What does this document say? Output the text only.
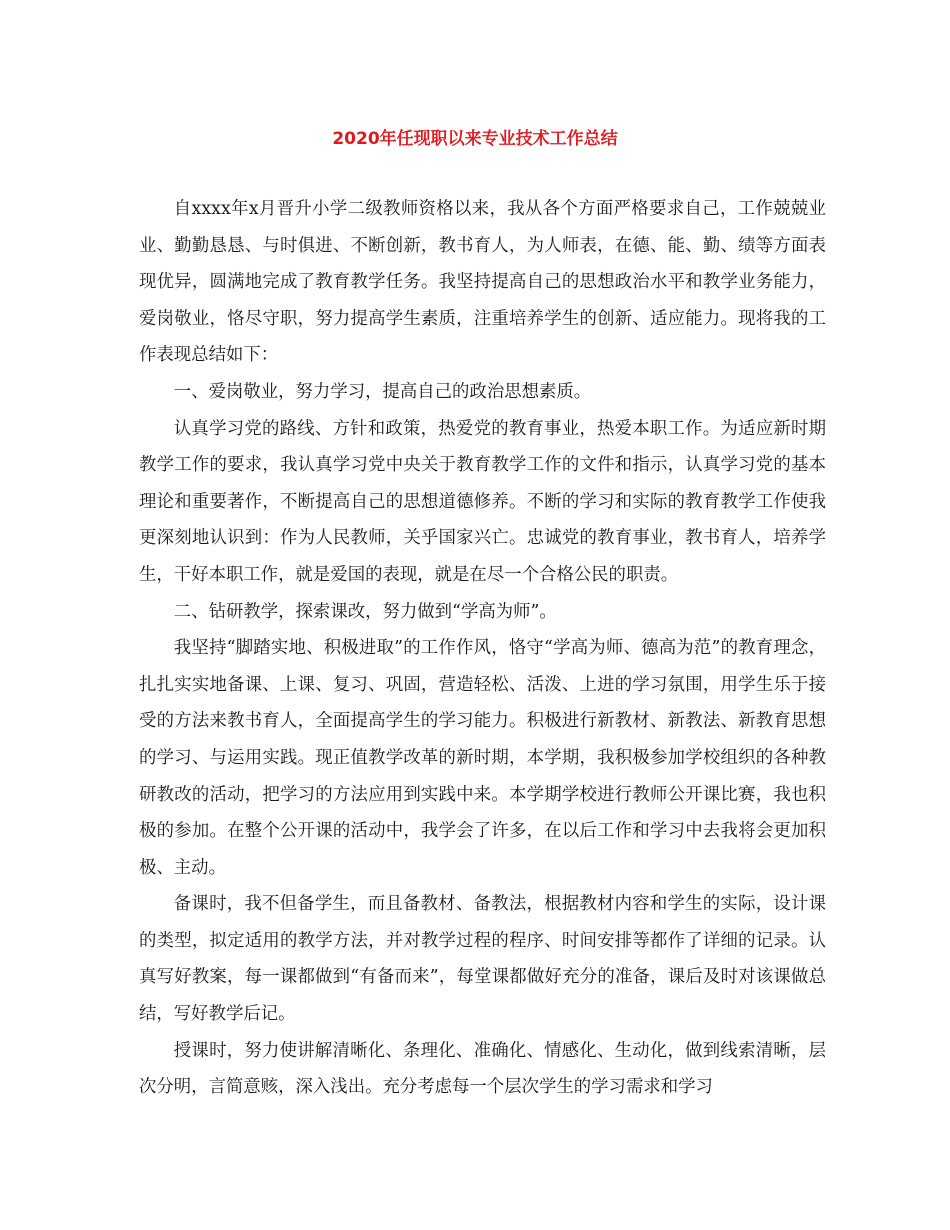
2020年任现职以来专业技术工作总结

自xxxx年x月晋升小学二级教师资格以来，我从各个方面严格要求自己，工作兢兢业业、勤勤恳恳、与时俱进、不断创新，教书育人，为人师表，在德、能、勤、绩等方面表现优异，圆满地完成了教育教学任务。我坚持提高自己的思想政治水平和教学业务能力，爱岗敬业，恪尽守职，努力提高学生素质，注重培养学生的创新、适应能力。现将我的工作表现总结如下：

一、爱岗敬业，努力学习，提高自己的政治思想素质。

认真学习党的路线、方针和政策，热爱党的教育事业，热爱本职工作。为适应新时期教学工作的要求，我认真学习党中央关于教育教学工作的文件和指示，认真学习党的基本理论和重要著作，不断提高自己的思想道德修养。不断的学习和实际的教育教学工作使我更深刻地认识到：作为人民教师，关乎国家兴亡。忠诚党的教育事业，教书育人，培养学生，干好本职工作，就是爱国的表现，就是在尽一个合格公民的职责。

二、钻研教学，探索课改，努力做到“学高为师”。

我坚持“脚踏实地、积极进取”的工作作风，恪守“学高为师、德高为范”的教育理念，扎扎实实地备课、上课、复习、巩固，营造轻松、活泼、上进的学习氛围，用学生乐于接受的方法来教书育人，全面提高学生的学习能力。积极进行新教材、新教法、新教育思想的学习、与运用实践。现正值教学改革的新时期，本学期，我积极参加学校组织的各种教研教改的活动，把学习的方法应用到实践中来。本学期学校进行教师公开课比赛，我也积极的参加。在整个公开课的活动中，我学会了许多，在以后工作和学习中去我将会更加积极、主动。

备课时，我不但备学生，而且备教材、备教法，根据教材内容和学生的实际，设计课的类型，拟定适用的教学方法，并对教学过程的程序、时间安排等都作了详细的记录。认真写好教案，每一课都做到“有备而来”，每堂课都做好充分的准备，课后及时对该课做总结，写好教学后记。

授课时，努力使讲解清晰化、条理化、准确化、情感化、生动化，做到线索清晰，层次分明，言简意赅，深入浅出。充分考虑每一个层次学生的学习需求和学习
